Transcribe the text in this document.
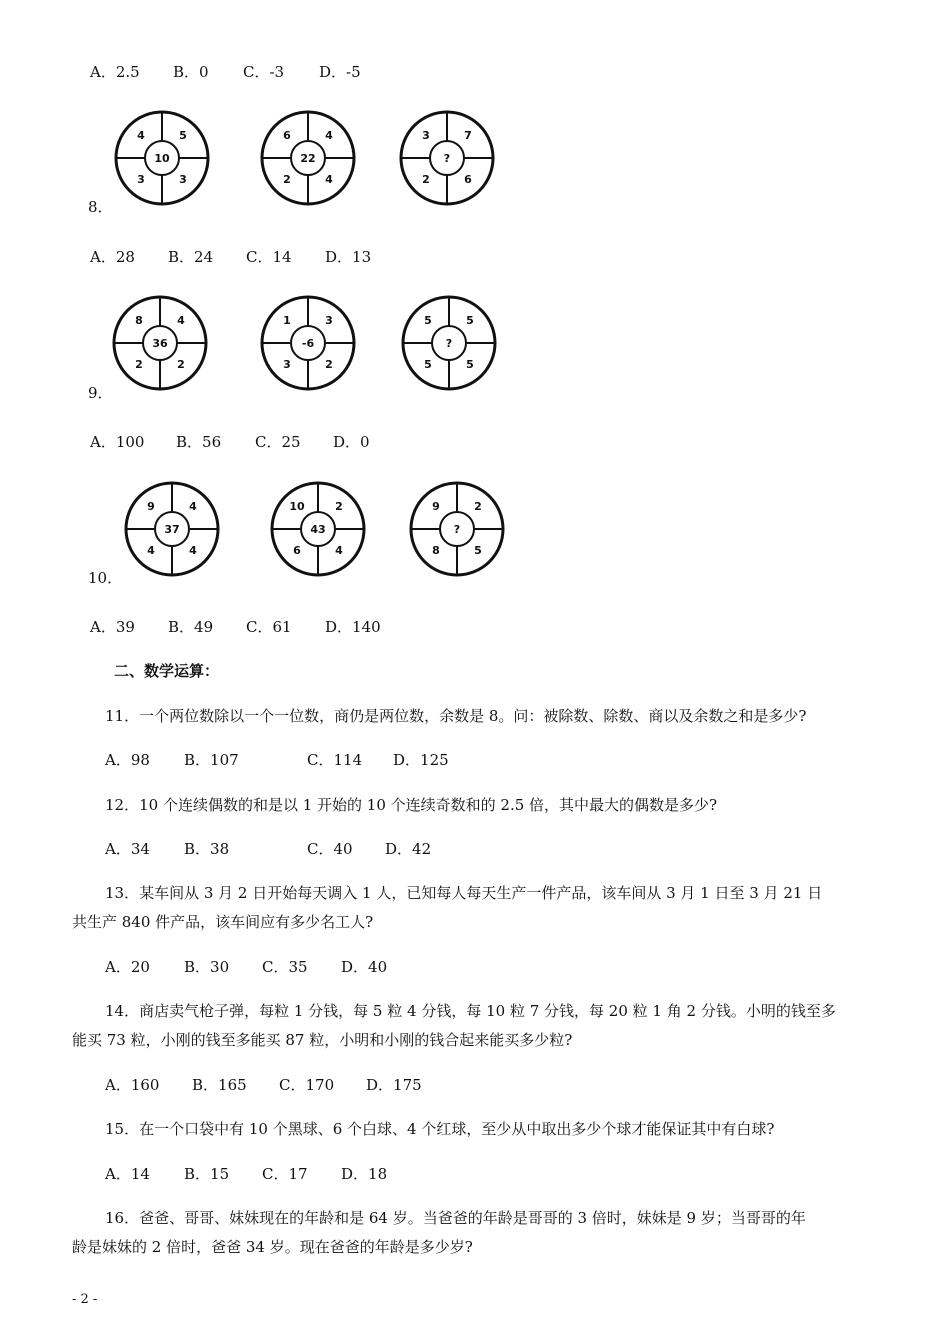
A．2.5 B．0 C．-3 D．-5
8．
4	5
3	3
10
6	4
2	4
22
3	7
2	6
?
A．28 B．24 C．14 D．13
9．
8	4
2	2
36
1	3
3	2
-6
5	5
5	5
?
A．100 B．56 C．25 D．0
10．
9	4
4	4
37
10	2
6	4
43
9	2
8	5
?
A．39 B．49 C．61 D．140
二、数学运算：
11．一个两位数除以一个一位数，商仍是两位数，余数是 8。问：被除数、除数、商以及余数之和是多少?
A．98 B．107	C．114 D．125
12．10 个连续偶数的和是以 1 开始的 10 个连续奇数和的 2.5 倍，其中最大的偶数是多少?
A．34 B．38	C．40 D．42
13．某车间从 3 月 2 日开始每天调入 1 人，已知每人每天生产一件产品，该车间从 3 月 1 日至 3 月 21 日
共生产 840 件产品，该车间应有多少名工人?
A．20 B．30 C．35 D．40
14．商店卖气枪子弹，每粒 1 分钱，每 5 粒 4 分钱，每 10 粒 7 分钱，每 20 粒 1 角 2 分钱。小明的钱至多
能买 73 粒，小刚的钱至多能买 87 粒，小明和小刚的钱合起来能买多少粒?
A．160 B．165 C．170 D．175
15．在一个口袋中有 10 个黑球、6 个白球、4 个红球，至少从中取出多少个球才能保证其中有白球?
A．14 B．15 C．17 D．18
16．爸爸、哥哥、妹妹现在的年龄和是 64 岁。当爸爸的年龄是哥哥的 3 倍时，妹妹是 9 岁；当哥哥的年
龄是妹妹的 2 倍时，爸爸 34 岁。现在爸爸的年龄是多少岁?
- 2 -
